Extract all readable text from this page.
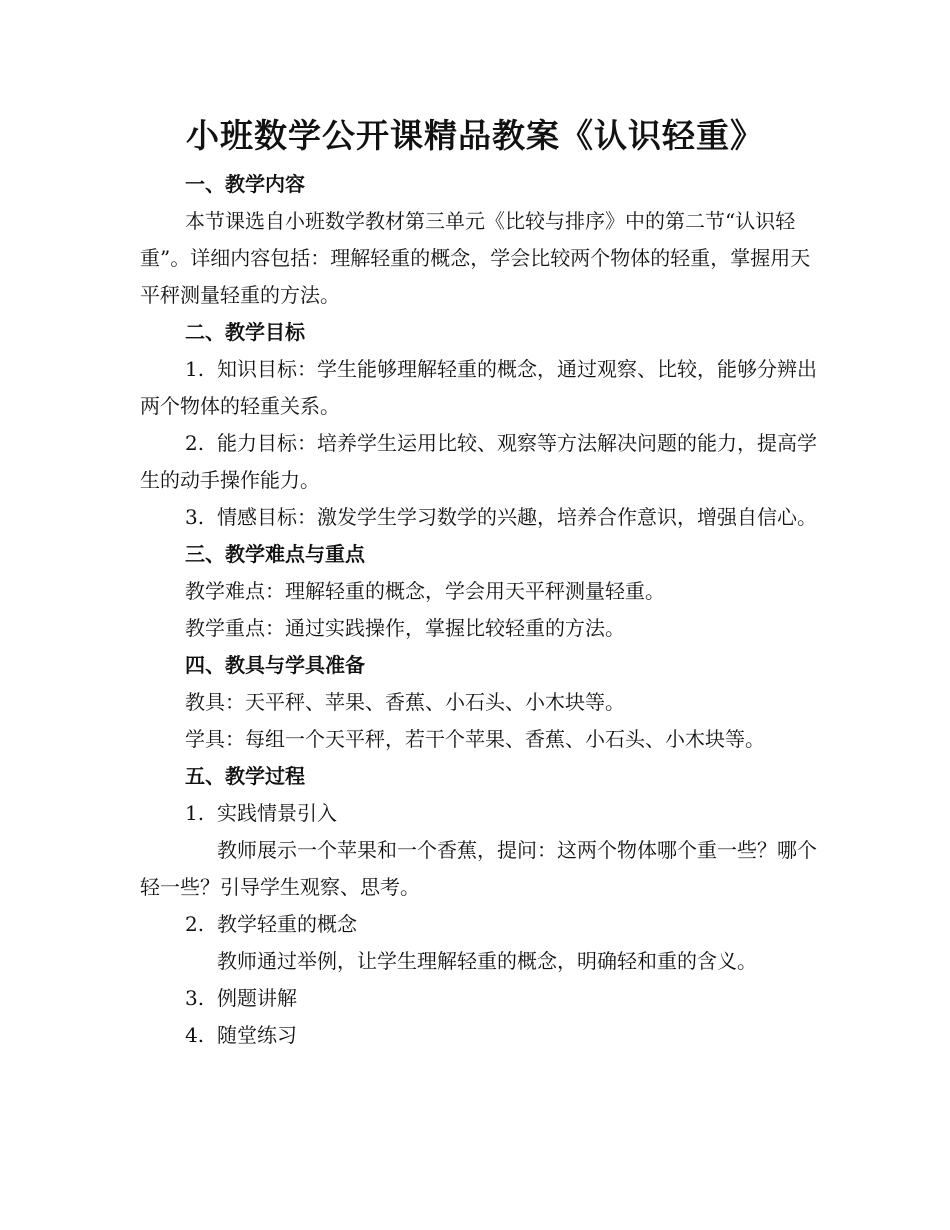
小班数学公开课精品教案《认识轻重》

一、教学内容

本节课选自小班数学教材第三单元《比较与排序》中的第二节“认识轻重”。详细内容包括：理解轻重的概念，学会比较两个物体的轻重，掌握用天平秤测量轻重的方法。

二、教学目标

1. 知识目标：学生能够理解轻重的概念，通过观察、比较，能够分辨出两个物体的轻重关系。

2. 能力目标：培养学生运用比较、观察等方法解决问题的能力，提高学生的动手操作能力。

3. 情感目标：激发学生学习数学的兴趣，培养合作意识，增强自信心。

三、教学难点与重点

教学难点：理解轻重的概念，学会用天平秤测量轻重。

教学重点：通过实践操作，掌握比较轻重的方法。

四、教具与学具准备

教具：天平秤、苹果、香蕉、小石头、小木块等。

学具：每组一个天平秤，若干个苹果、香蕉、小石头、小木块等。

五、教学过程

1. 实践情景引入

教师展示一个苹果和一个香蕉，提问：这两个物体哪个重一些？哪个轻一些？引导学生观察、思考。

2. 教学轻重的概念

教师通过举例，让学生理解轻重的概念，明确轻和重的含义。

3. 例题讲解

4. 随堂练习
